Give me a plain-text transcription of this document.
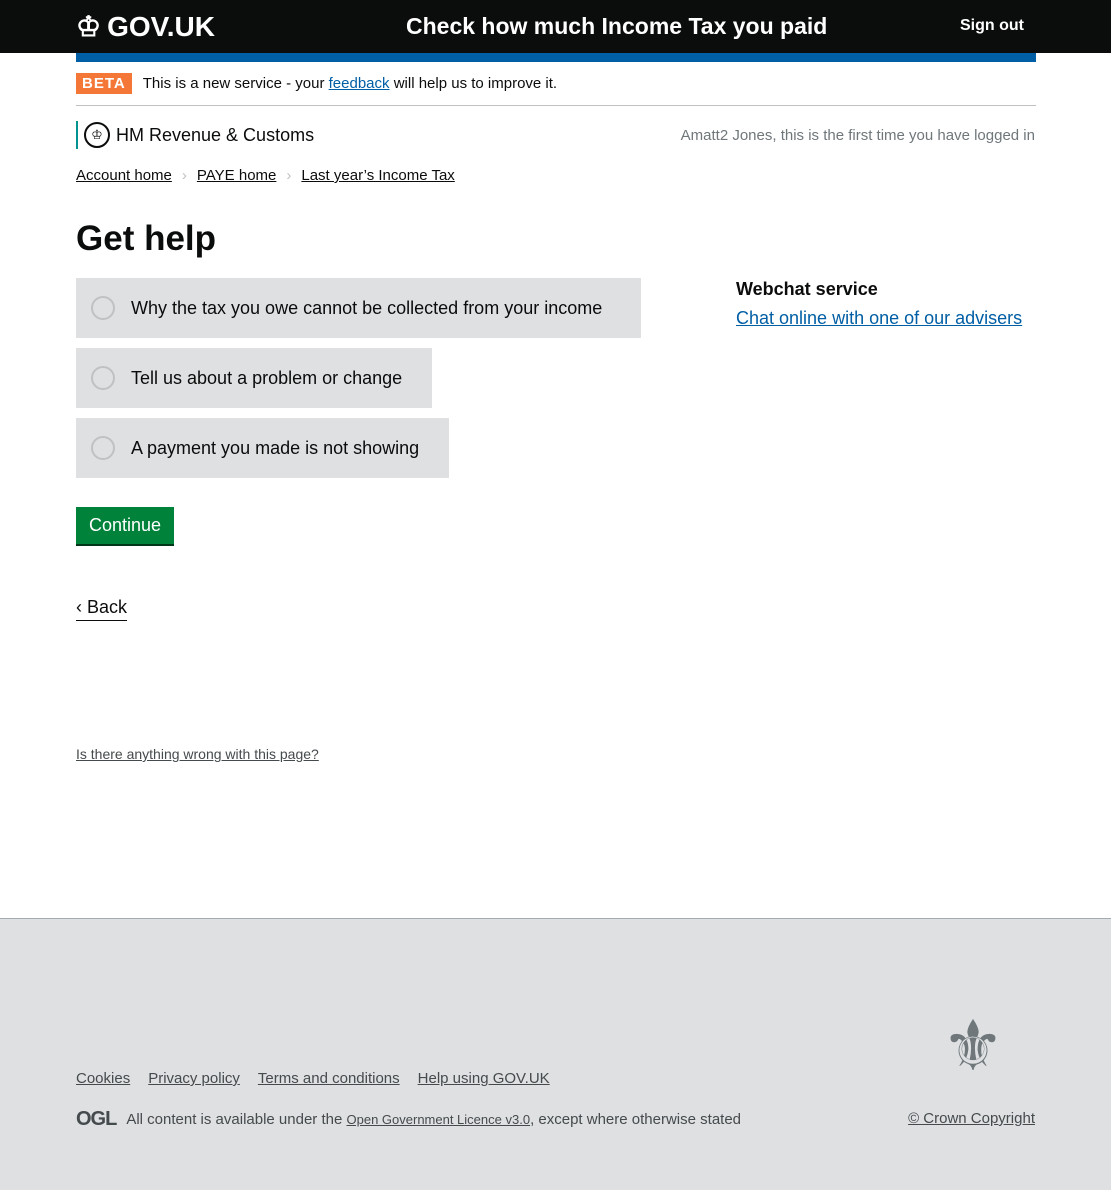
♔ GOV.UK	Check how much Income Tax you paid	Sign out
BETA	This is a new service - your feedback will help us to improve it.
♔ HM Revenue & Customs	Amatt2 Jones, this is the first time you have logged in
Account home › PAYE home › Last year’s Income Tax
Get help
Why the tax you owe cannot be collected from your income
Tell us about a problem or change
A payment you made is not showing
Continue
‹ Back
Is there anything wrong with this page?
Webchat service
Chat online with one of our advisers
Cookies Privacy policy Terms and conditions Help using GOV.UK
OGL All content is available under the Open Government Licence v3.0, except where otherwise stated
⚜
© Crown Copyright
